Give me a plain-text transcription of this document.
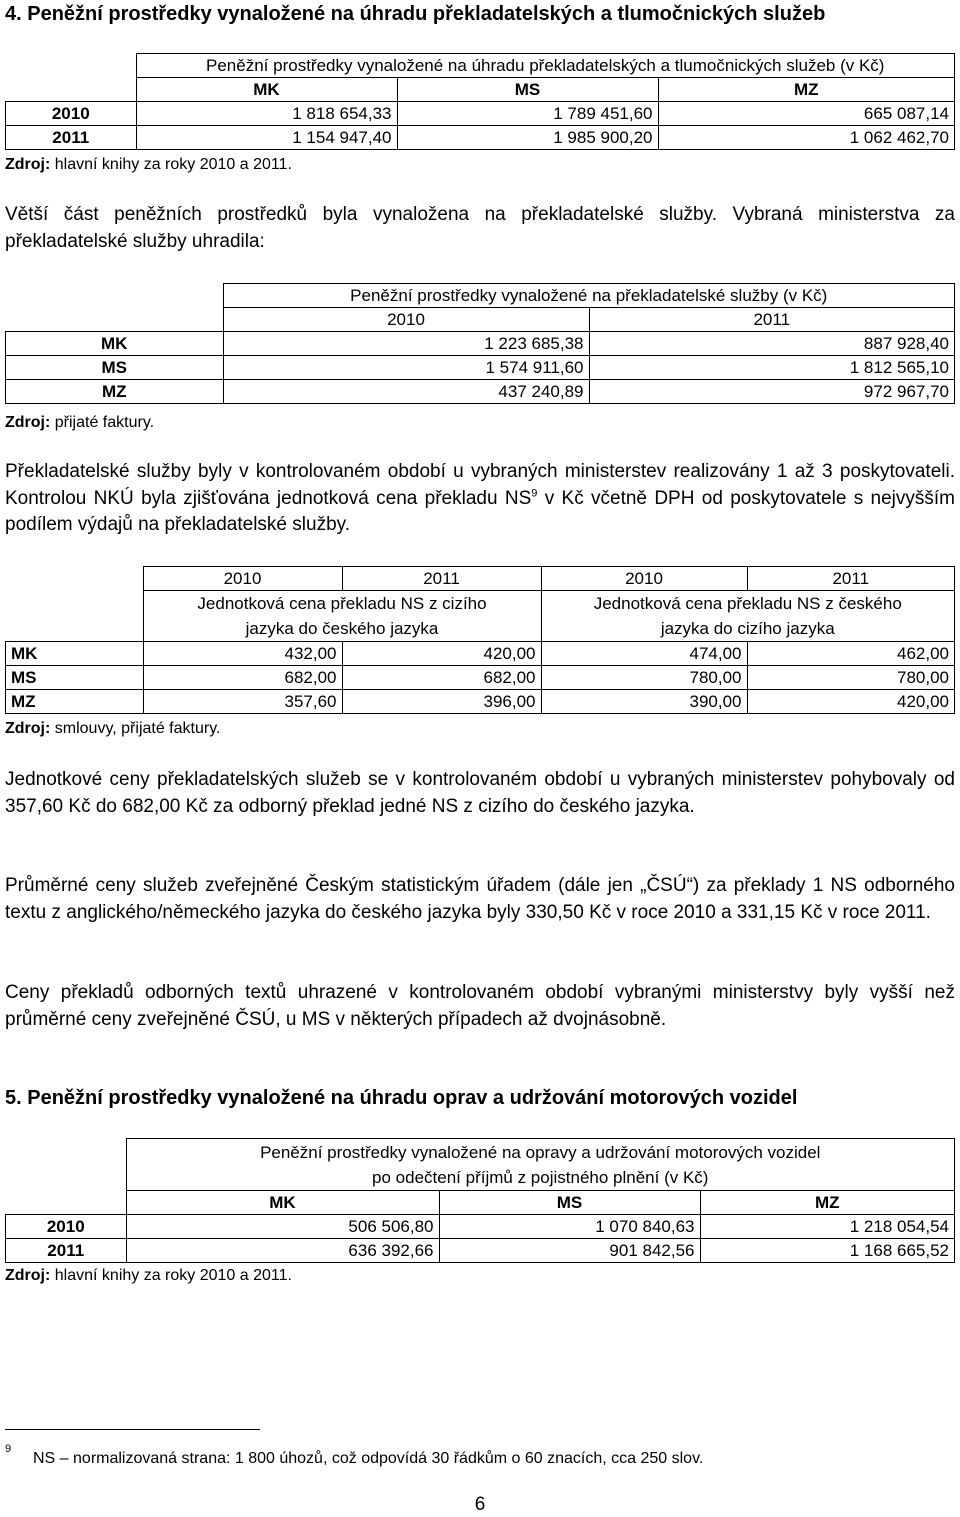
4. Peněžní prostředky vynaložené na úhradu překladatelských a tlumočnických služeb
	Peněžní prostředky vynaložené na úhradu překladatelských a tlumočnických služeb (v Kč)		
	MK	MS	MZ
2010	1 818 654,33	1 789 451,60	665 087,14
2011	1 154 947,40	1 985 900,20	1 062 462,70
Zdroj: hlavní knihy za roky 2010 a 2011.
Větší část peněžních prostředků byla vynaložena na překladatelské služby. Vybraná ministerstva za překladatelské služby uhradila:
	Peněžní prostředky vynaložené na překladatelské služby (v Kč)	
	2010	2011
MK	1 223 685,38	887 928,40
MS	1 574 911,60	1 812 565,10
MZ	437 240,89	972 967,70
Zdroj: přijaté faktury.
Překladatelské služby byly v kontrolovaném období u vybraných ministerstev realizovány 1 až 3 poskytovateli. Kontrolou NKÚ byla zjišťována jednotková cena překladu $NS^9$ v Kč včetně DPH od poskytovatele s nejvyšším podílem výdajů na překladatelské služby.
	2010	2011	2010	2011
	Jednotková cena překladu NS z cizího jazyka do českého jazyka		Jednotková cena překladu NS z českého jazyka do cizího jazyka	
MK	432,00	420,00	474,00	462,00
MS	682,00	682,00	780,00	780,00
MZ	357,60	396,00	390,00	420,00
Zdroj: smlouvy, přijaté faktury.
Jednotkové ceny překladatelských služeb se v kontrolovaném období u vybraných ministerstev pohybovaly od 357,60 Kč do 682,00 Kč za odborný překlad jedné NS z cizího do českého jazyka.
Průměrné ceny služeb zveřejněné Českým statistickým úřadem (dále jen „ČSÚ“) za překlady 1 NS odborného textu z anglického/německého jazyka do českého jazyka byly 330,50 Kč v roce 2010 a 331,15 Kč v roce 2011.
Ceny překladů odborných textů uhrazené v kontrolovaném období vybranými ministerstvy byly vyšší než průměrné ceny zveřejněné ČSÚ, u MS v některých případech až dvojnásobně.
5. Peněžní prostředky vynaložené na úhradu oprav a udržování motorových vozidel

	Peněžní prostředky vynaložené na opravy a udržování motorových vozidel
po odečtení příjmů z pojistného plnění (v Kč)		

	MK	MS	MZ
2010	506 506,80	1 070 840,63	1 218 054,54
2011	636 392,66	901 842,56	1 168 665,52
Zdroj: hlavní knihy za roky 2010 a 2011.
9
NS – normalizovaná strana: 1 800 úhozů, což odpovídá 30 řádkům o 60 znacích, cca 250 slov.
6
